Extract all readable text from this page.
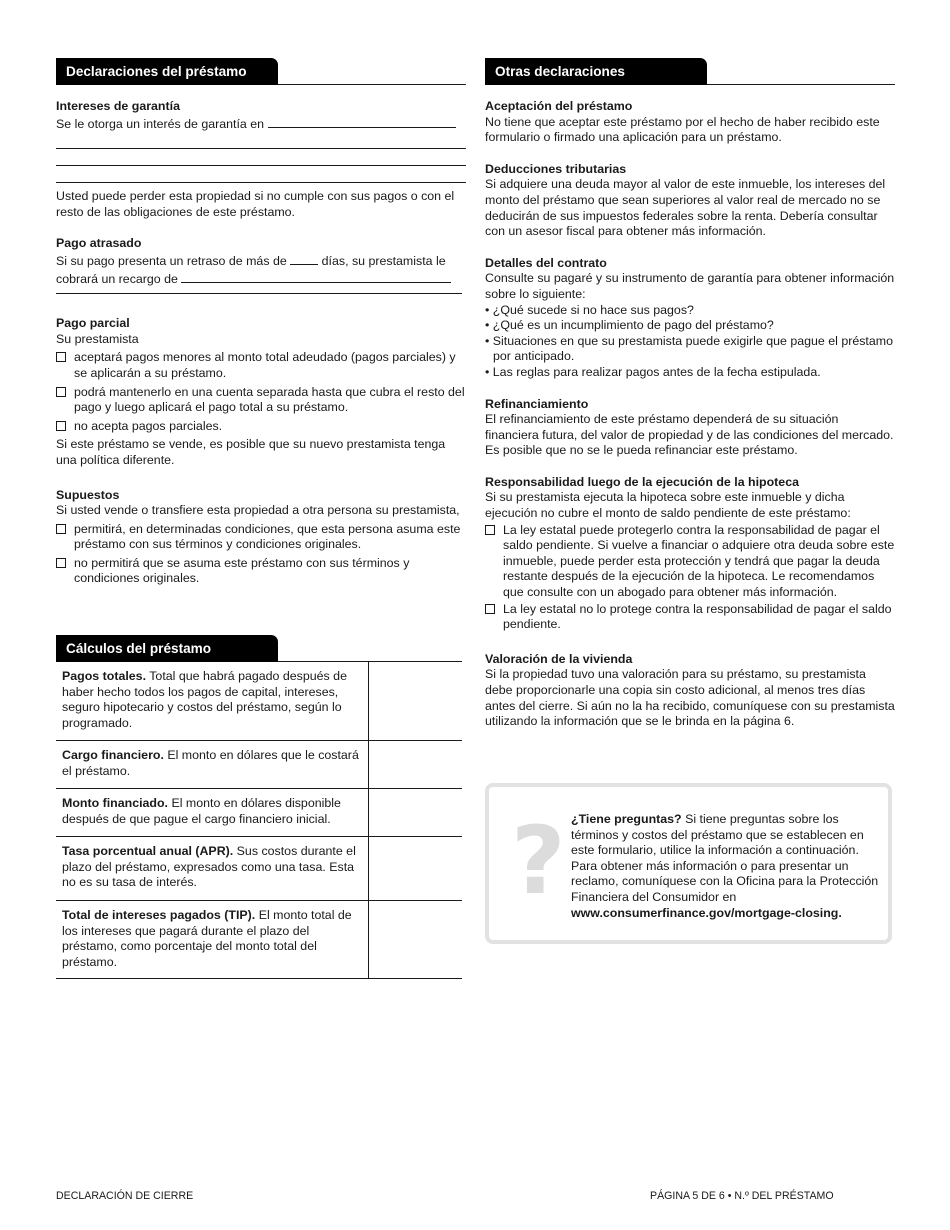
Declaraciones del préstamo
Intereses de garantía

Se le otorga un interés de garantía en

Usted puede perder esta propiedad si no cumple con sus pagos o con el resto de las obligaciones de este préstamo.

Pago atrasado

Si su pago presenta un retraso de más de	días, su prestamista le cobrará un recargo de

Pago parcial

Su prestamista

aceptará pagos menores al monto total adeudado (pagos parciales) y se aplicarán a su préstamo.
podrá mantenerlo en una cuenta separada hasta que cubra el resto del pago y luego aplicará el pago total a su préstamo.
no acepta pagos parciales.

Si este préstamo se vende, es posible que su nuevo prestamista tenga una política diferente.

Supuestos

Si usted vende o transfiere esta propiedad a otra persona su prestamista,

permitirá, en determinadas condiciones, que esta persona asuma este préstamo con sus términos y condiciones originales.
no permitirá que se asuma este préstamo con sus términos y condiciones originales.
Cálculos del préstamo
Pagos totales. Total que habrá pagado después de haber hecho todos los pagos de capital, intereses, seguro hipotecario y costos del préstamo, según lo programado.	
Cargo financiero. El monto en dólares que le costará el préstamo.	
Monto financiado. El monto en dólares disponible después de que pague el cargo financiero inicial.	
Tasa porcentual anual (APR). Sus costos durante el plazo del préstamo, expresados como una tasa. Esta no es su tasa de interés.	
Total de intereses pagados (TIP). El monto total de los intereses que pagará durante el plazo del préstamo, como porcentaje del monto total del préstamo.	
Otras declaraciones
Aceptación del préstamo

No tiene que aceptar este préstamo por el hecho de haber recibido este formulario o firmado una aplicación para un préstamo.

Deducciones tributarias

Si adquiere una deuda mayor al valor de este inmueble, los intereses del monto del préstamo que sean superiores al valor real de mercado no se deducirán de sus impuestos federales sobre la renta. Debería consultar con un asesor fiscal para obtener más información.

Detalles del contrato

Consulte su pagaré y su instrumento de garantía para obtener información sobre lo siguiente:

• ¿Qué sucede si no hace sus pagos?

• ¿Qué es un incumplimiento de pago del préstamo?

• Situaciones en que su prestamista puede exigirle que pague el préstamo por anticipado.

• Las reglas para realizar pagos antes de la fecha estipulada.

Refinanciamiento

El refinanciamiento de este préstamo dependerá de su situación financiera futura, del valor de propiedad y de las condiciones del mercado. Es posible que no se le pueda refinanciar este préstamo.

Responsabilidad luego de la ejecución de la hipoteca

Si su prestamista ejecuta la hipoteca sobre este inmueble y dicha ejecución no cubre el monto de saldo pendiente de este préstamo:

La ley estatal puede protegerlo contra la responsabilidad de pagar el saldo pendiente. Si vuelve a financiar o adquiere otra deuda sobre este inmueble, puede perder esta protección y tendrá que pagar la deuda restante después de la ejecución de la hipoteca. Le recomendamos que consulte con un abogado para obtener más información.
La ley estatal no lo protege contra la responsabilidad de pagar el saldo pendiente.
Valoración de la vivienda

Si la propiedad tuvo una valoración para su préstamo, su prestamista debe proporcionarle una copia sin costo adicional, al menos tres días antes del cierre. Si aún no la ha recibido, comuníquese con su prestamista utilizando la información que se le brinda en la página 6.

? ¿Tiene preguntas? Si tiene preguntas sobre los términos y costos del préstamo que se establecen en este formulario, utilice la información a continuación. Para obtener más información o para presentar un reclamo, comuníquese con la Oficina para la Protección Financiera del Consumidor en www.consumerfinance.gov/mortgage-closing.
DECLARACIÓN DE CIERRE	PÁGINA 5 DE 6 • N.º DEL PRÉSTAMO
